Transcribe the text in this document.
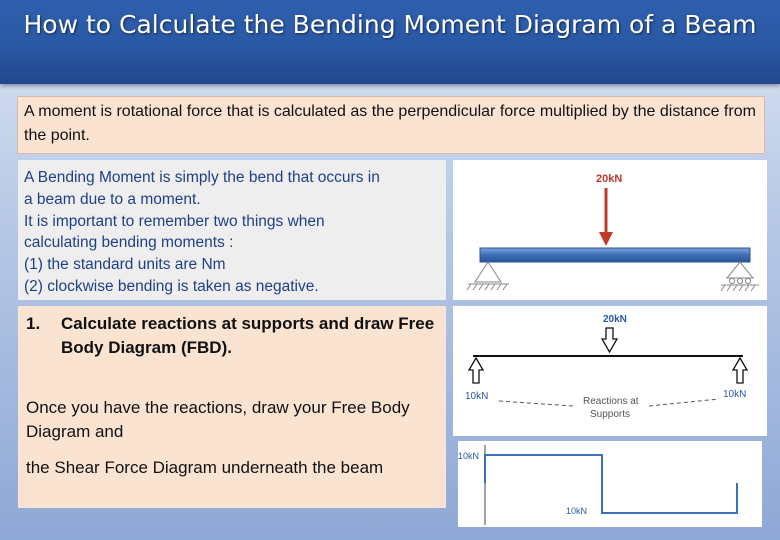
How to Calculate the Bending Moment Diagram of a Beam
A moment is rotational force that is calculated as the perpendicular force multiplied by the distance from the point.
A Bending Moment is simply the bend that occurs in
a beam due to a moment.
It is important to remember two things when
calculating bending moments :
(1) the standard units are Nm
(2) clockwise bending is taken as negative.
1.	Calculate reactions at supports and draw Free Body Diagram (FBD).
Once you have the reactions, draw your Free Body Diagram and
the Shear Force Diagram underneath the beam
20kN
20kN
10kN	10kN
Reactions at
Supports
10kN
10kN
